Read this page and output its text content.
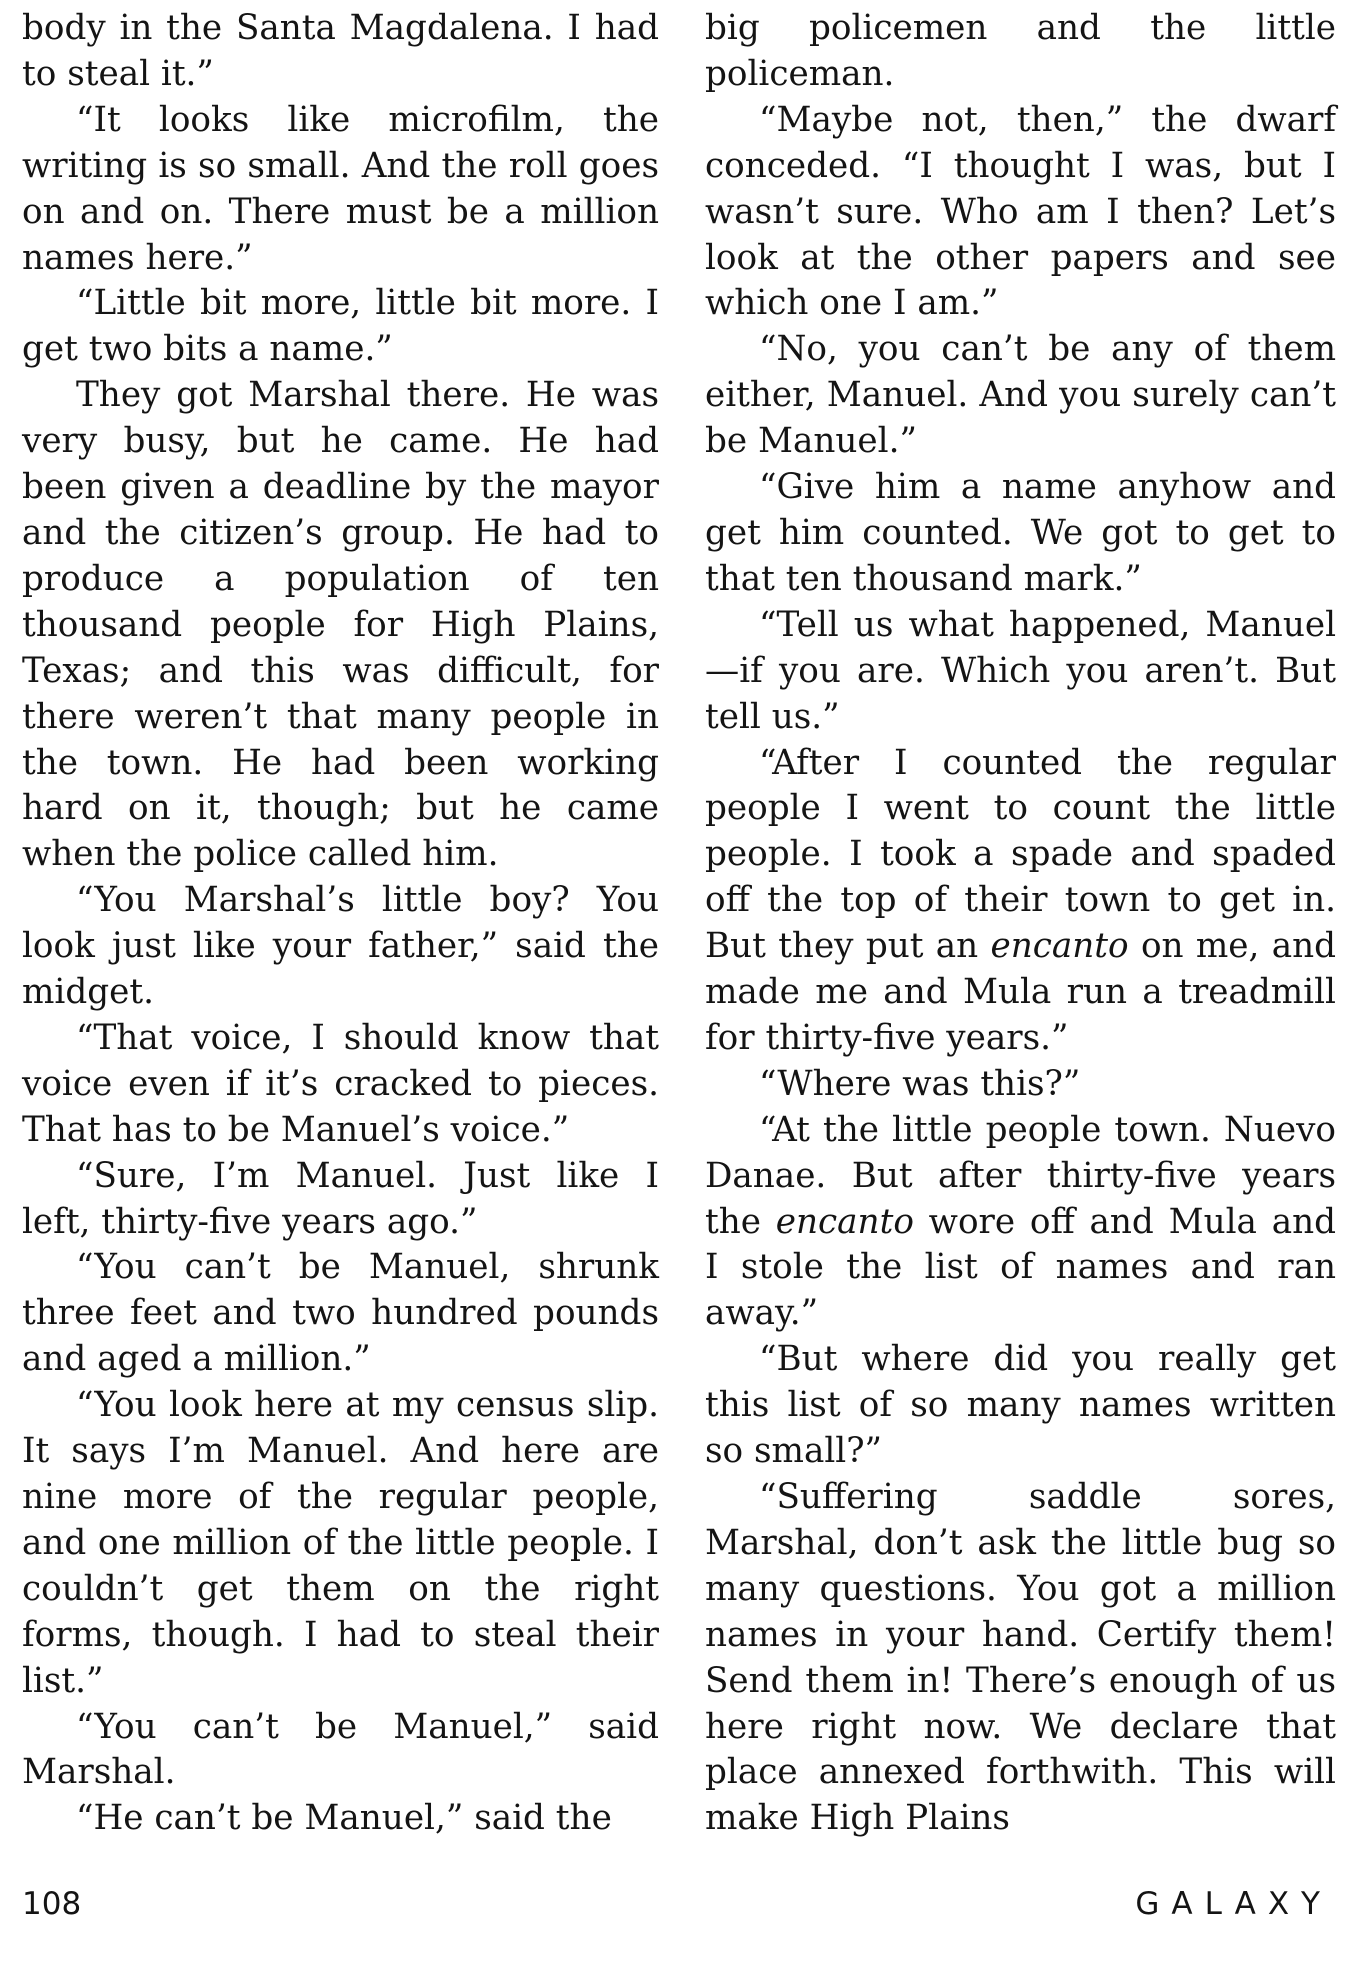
body in the Santa Magdalena. I had to steal it.”

“It looks like microfilm, the writing is so small. And the roll goes on and on. There must be a million names here.”

“Little bit more, little bit more. I get two bits a name.”

They got Marshal there. He was very busy, but he came. He had been given a deadline by the mayor and the citizen’s group. He had to produce a population of ten thousand people for High Plains, Texas; and this was difficult, for there weren’t that many people in the town. He had been working hard on it, though; but he came when the police called him.

“You Marshal’s little boy? You look just like your father,” said the midget.

“That voice, I should know that voice even if it’s cracked to pieces. That has to be Manuel’s voice.”

“Sure, I’m Manuel. Just like I left, thirty-five years ago.”

“You can’t be Manuel, shrunk three feet and two hundred pounds and aged a million.”

“You look here at my census slip. It says I’m Manuel. And here are nine more of the regular people, and one million of the little people. I couldn’t get them on the right forms, though. I had to steal their list.”

“You can’t be Manuel,” said Marshal.

“He can’t be Manuel,” said the

big policemen and the little policeman.

“Maybe not, then,” the dwarf conceded. “I thought I was, but I wasn’t sure. Who am I then? Let’s look at the other papers and see which one I am.”

“No, you can’t be any of them either, Manuel. And you surely can’t be Manuel.”

“Give him a name anyhow and get him counted. We got to get to that ten thousand mark.”

“Tell us what happened, Manuel—if you are. Which you aren’t. But tell us.”

“After I counted the regular people I went to count the little people. I took a spade and spaded off the top of their town to get in. But they put an encanto on me, and made me and Mula run a treadmill for thirty-five years.”

“Where was this?”

“At the little people town. Nuevo Danae. But after thirty-five years the encanto wore off and Mula and I stole the list of names and ran away.”

“But where did you really get this list of so many names written so small?”

“Suffering saddle sores, Marshal, don’t ask the little bug so many questions. You got a million names in your hand. Certify them! Send them in! There’s enough of us here right now. We declare that place annexed forthwith. This will make High Plains

108	GALAXY
